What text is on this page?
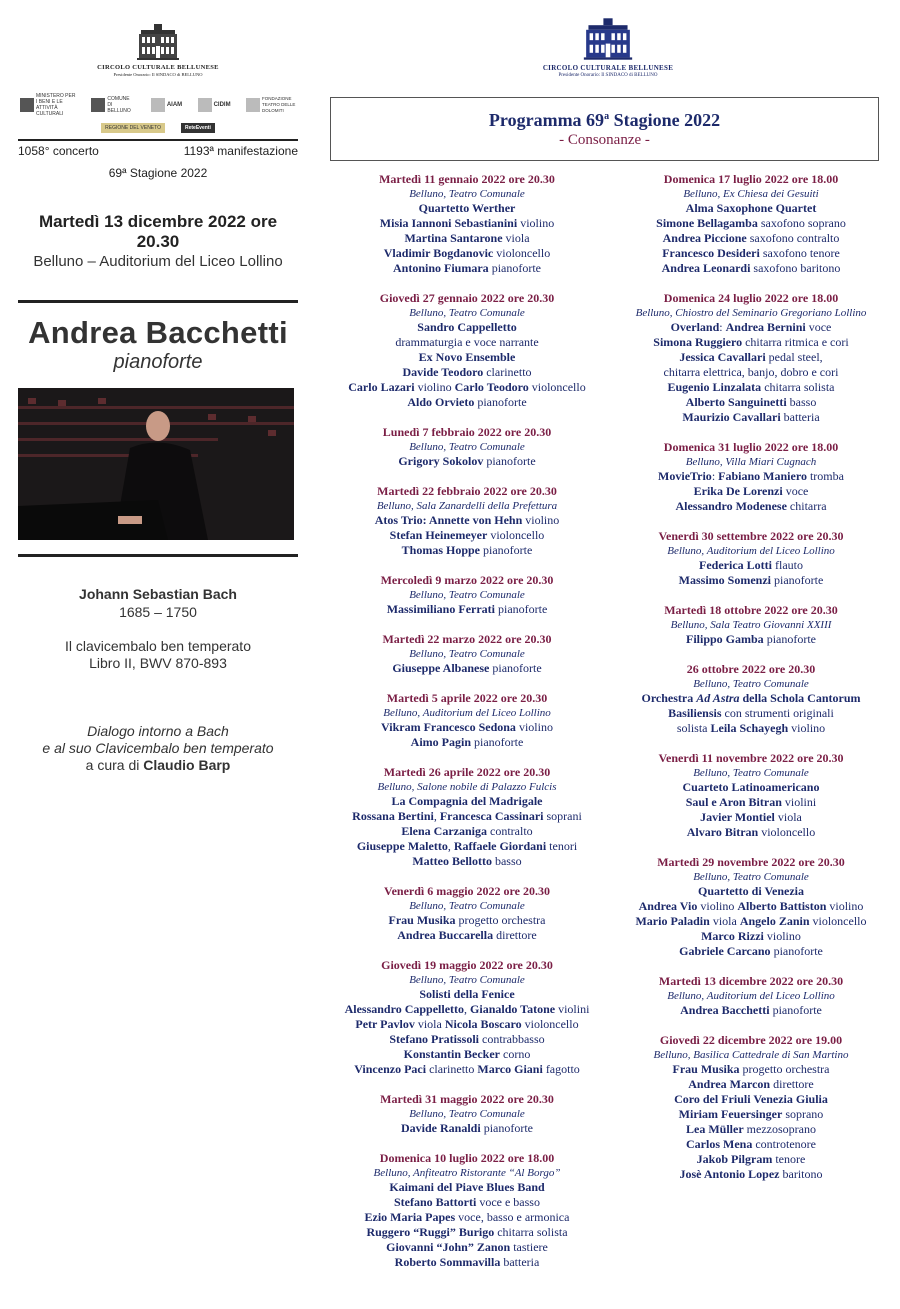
CIRCOLO CULTURALE BELLUNESE
Presidente Onorario: Il SINDACO di BELLUNO
MINISTERO PER I BENI E LE ATTIVITÀ CULTURALI
COMUNE DI BELLUNO
AIAM	CIDIM
FONDAZIONE TEATRO DELLE DOLOMITI
REGIONE DEL VENETO	ReteEventi
1058° concerto	1193ª manifestazione
69ª Stagione 2022
Martedì 13 dicembre 2022 ore 20.30
Belluno – Auditorium del Liceo Lollino
Andrea Bacchetti
pianoforte
Johann Sebastian Bach
1685 – 1750
Il clavicembalo ben temperato
Libro II, BWV 870-893
Dialogo intorno a Bach
e al suo Clavicembalo ben temperato
a cura di Claudio Barp
CIRCOLO CULTURALE BELLUNESE
Presidente Onorario: Il SINDACO di BELLUNO
Programma 69$^a$ Stagione 2022
- Consonanze -
Martedì 11 gennaio 2022 ore 20.30
Belluno, Teatro Comunale
Quartetto Werther
Misia Iannoni Sebastianini violino
Martina Santarone viola
Vladimir Bogdanovic violoncello
Antonino Fiumara pianoforte
Giovedì 27 gennaio 2022 ore 20.30
Belluno, Teatro Comunale
Sandro Cappelletto
drammaturgia e voce narrante
Ex Novo Ensemble
Davide Teodoro clarinetto
Carlo Lazari violino Carlo Teodoro violoncello
Aldo Orvieto pianoforte
Lunedì 7 febbraio 2022 ore 20.30
Belluno, Teatro Comunale
Grigory Sokolov pianoforte
Martedì 22 febbraio 2022 ore 20.30
Belluno, Sala Zanardelli della Prefettura
Atos Trio: Annette von Hehn violino
Stefan Heinemeyer violoncello
Thomas Hoppe pianoforte
Mercoledì 9 marzo 2022 ore 20.30
Belluno, Teatro Comunale
Massimiliano Ferrati pianoforte
Martedì 22 marzo 2022 ore 20.30
Belluno, Teatro Comunale
Giuseppe Albanese pianoforte
Martedì 5 aprile 2022 ore 20.30
Belluno, Auditorium del Liceo Lollino
Vikram Francesco Sedona violino
Aimo Pagin pianoforte
Martedì 26 aprile 2022 ore 20.30
Belluno, Salone nobile di Palazzo Fulcis
La Compagnia del Madrigale
Rossana Bertini, Francesca Cassinari soprani
Elena Carzaniga contralto
Giuseppe Maletto, Raffaele Giordani tenori
Matteo Bellotto basso
Venerdì 6 maggio 2022 ore 20.30
Belluno, Teatro Comunale
Frau Musika progetto orchestra
Andrea Buccarella direttore
Giovedì 19 maggio 2022 ore 20.30
Belluno, Teatro Comunale
Solisti della Fenice
Alessandro Cappelletto, Gianaldo Tatone violini
Petr Pavlov viola Nicola Boscaro violoncello
Stefano Pratissoli contrabbasso
Konstantin Becker corno
Vincenzo Paci clarinetto Marco Giani fagotto
Martedì 31 maggio 2022 ore 20.30
Belluno, Teatro Comunale
Davide Ranaldi pianoforte
Domenica 10 luglio 2022 ore 18.00
Belluno, Anfiteatro Ristorante “Al Borgo”
Kaimani del Piave Blues Band
Stefano Battorti voce e basso
Ezio Maria Papes voce, basso e armonica
Ruggero “Ruggi” Burigo chitarra solista
Giovanni “John” Zanon tastiere
Roberto Sommavilla batteria
Domenica 17 luglio 2022 ore 18.00
Belluno, Ex Chiesa dei Gesuiti
Alma Saxophone Quartet
Simone Bellagamba saxofono soprano
Andrea Piccione saxofono contralto
Francesco Desideri saxofono tenore
Andrea Leonardi saxofono baritono
Domenica 24 luglio 2022 ore 18.00
Belluno, Chiostro del Seminario Gregoriano Lollino
Overland: Andrea Bernini voce
Simona Ruggiero chitarra ritmica e cori
Jessica Cavallari pedal steel,
chitarra elettrica, banjo, dobro e cori
Eugenio Linzalata chitarra solista
Alberto Sanguinetti basso
Maurizio Cavallari batteria
Domenica 31 luglio 2022 ore 18.00
Belluno, Villa Miari Cugnach
MovieTrio: Fabiano Maniero tromba
Erika De Lorenzi voce
Alessandro Modenese chitarra
Venerdì 30 settembre 2022 ore 20.30
Belluno, Auditorium del Liceo Lollino
Federica Lotti flauto
Massimo Somenzi pianoforte
Martedì 18 ottobre 2022 ore 20.30
Belluno, Sala Teatro Giovanni XXIII
Filippo Gamba pianoforte
26 ottobre 2022 ore 20.30
Belluno, Teatro Comunale
Orchestra Ad Astra della Schola Cantorum
Basiliensis con strumenti originali
solista Leila Schayegh violino
Venerdì 11 novembre 2022 ore 20.30
Belluno, Teatro Comunale
Cuarteto Latinoamericano
Saul e Aron Bitran violini
Javier Montiel viola
Alvaro Bitran violoncello
Martedì 29 novembre 2022 ore 20.30
Belluno, Teatro Comunale
Quartetto di Venezia
Andrea Vio violino Alberto Battiston violino
Mario Paladin viola Angelo Zanin violoncello
Marco Rizzi violino
Gabriele Carcano pianoforte
Martedì 13 dicembre 2022 ore 20.30
Belluno, Auditorium del Liceo Lollino
Andrea Bacchetti pianoforte
Giovedì 22 dicembre 2022 ore 19.00
Belluno, Basilica Cattedrale di San Martino
Frau Musika progetto orchestra
Andrea Marcon direttore
Coro del Friuli Venezia Giulia
Miriam Feuersinger soprano
Lea Müller mezzosoprano
Carlos Mena controtenore
Jakob Pilgram tenore
Josè Antonio Lopez baritono
